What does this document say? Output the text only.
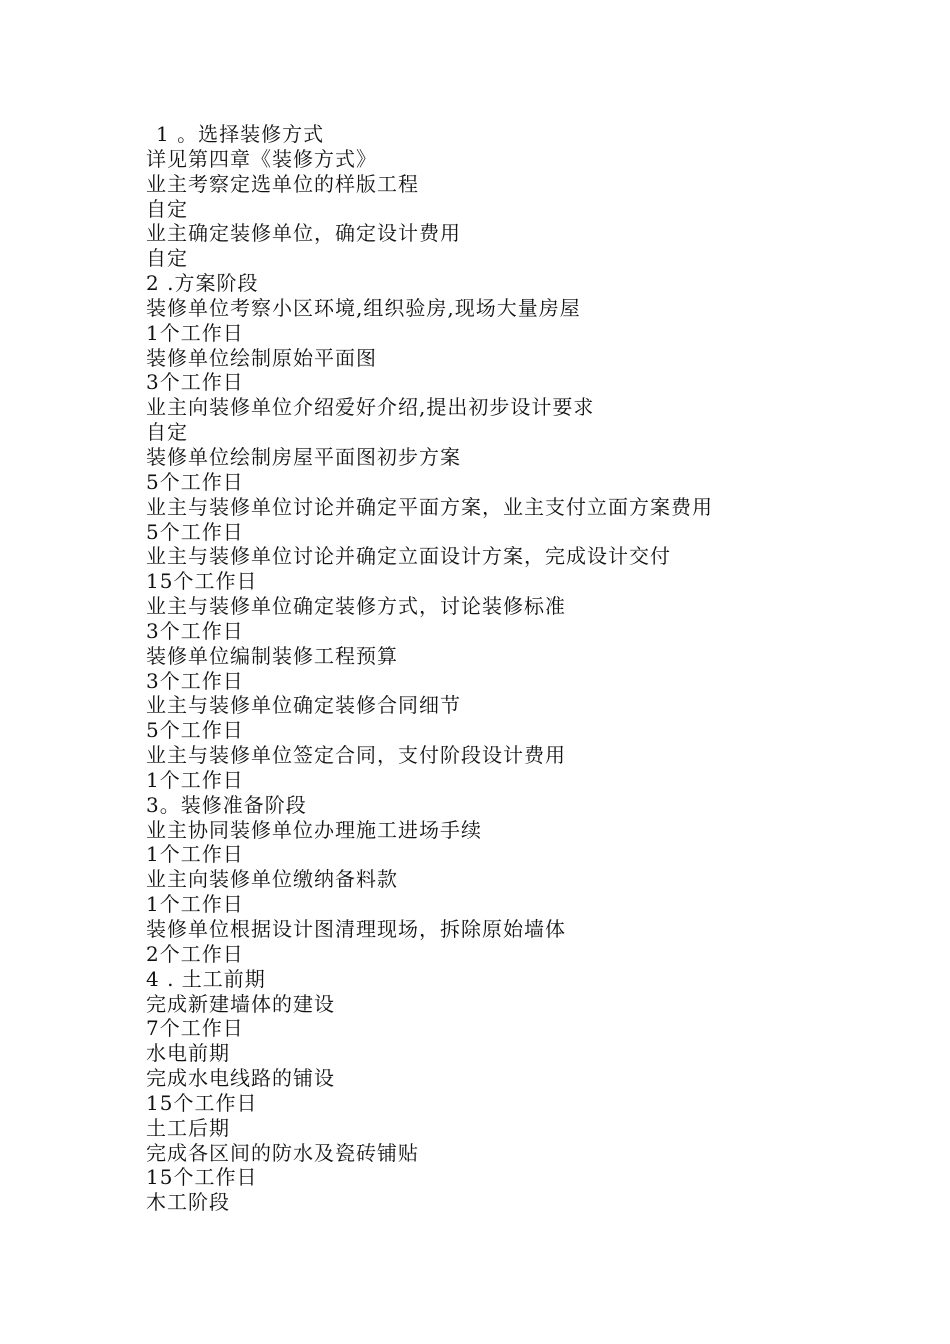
1 。选择装修方式
详见第四章《装修方式》
业主考察定选单位的样版工程
自定
业主确定装修单位，确定设计费用
自定
2 .方案阶段
装修单位考察小区环境,组织验房,现场大量房屋
1个工作日
装修单位绘制原始平面图
3个工作日
业主向装修单位介绍爱好介绍,提出初步设计要求
自定
装修单位绘制房屋平面图初步方案
5个工作日
业主与装修单位讨论并确定平面方案，业主支付立面方案费用
5个工作日
业主与装修单位讨论并确定立面设计方案，完成设计交付
15个工作日
业主与装修单位确定装修方式，讨论装修标准
3个工作日
装修单位编制装修工程预算
3个工作日
业主与装修单位确定装修合同细节
5个工作日
业主与装修单位签定合同，支付阶段设计费用
1个工作日
3。装修准备阶段
业主协同装修单位办理施工进场手续
1个工作日
业主向装修单位缴纳备料款
1个工作日
装修单位根据设计图清理现场，拆除原始墙体
2个工作日
4 . 土工前期
完成新建墙体的建设
7个工作日
水电前期
完成水电线路的铺设
15个工作日
土工后期
完成各区间的防水及瓷砖铺贴
15个工作日
木工阶段
